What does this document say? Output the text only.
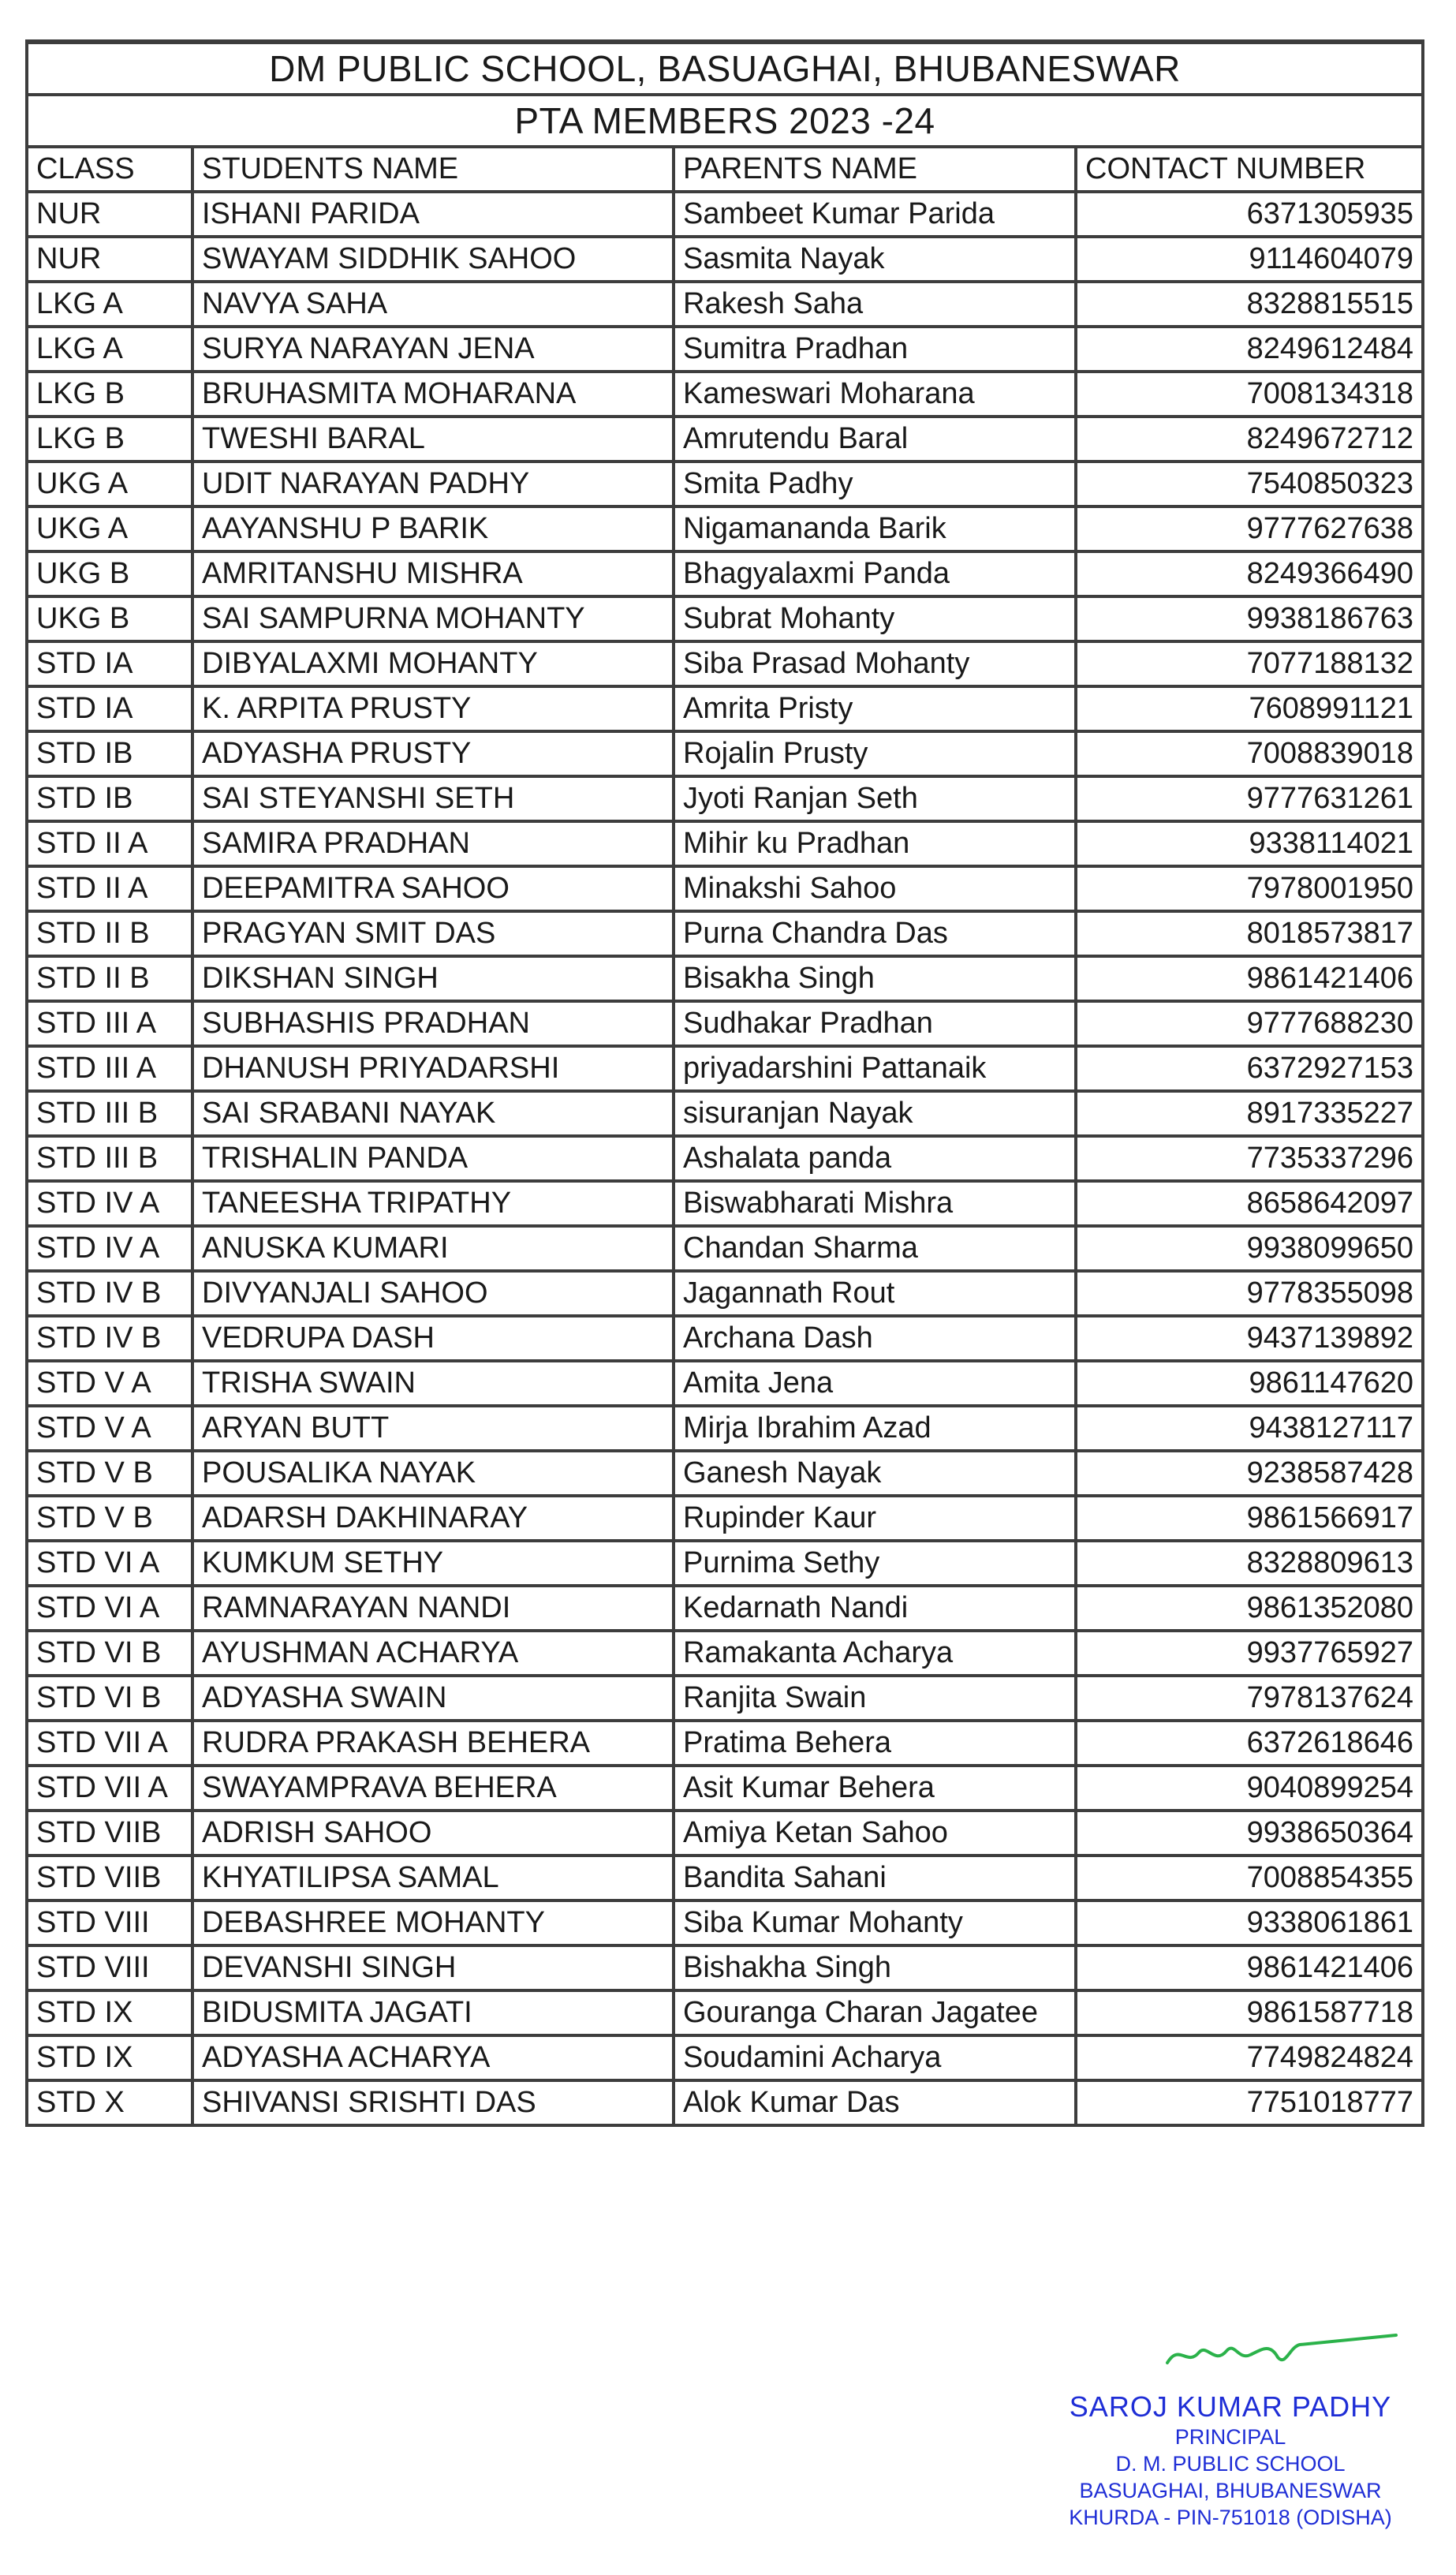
DM PUBLIC SCHOOL, BASUAGHAI, BHUBANESWAR			
PTA MEMBERS 2023 -24			
CLASS	STUDENTS NAME	PARENTS NAME	CONTACT NUMBER
NUR	ISHANI PARIDA	Sambeet Kumar Parida	6371305935
NUR	SWAYAM SIDDHIK SAHOO	Sasmita Nayak	9114604079
LKG A	NAVYA SAHA	Rakesh Saha	8328815515
LKG A	SURYA NARAYAN JENA	Sumitra Pradhan	8249612484
LKG B	BRUHASMITA MOHARANA	Kameswari Moharana	7008134318
LKG B	TWESHI BARAL	Amrutendu Baral	8249672712
UKG A	UDIT NARAYAN PADHY	Smita Padhy	7540850323
UKG A	AAYANSHU P BARIK	Nigamananda Barik	9777627638
UKG B	AMRITANSHU MISHRA	Bhagyalaxmi Panda	8249366490
UKG B	SAI SAMPURNA MOHANTY	Subrat Mohanty	9938186763
STD IA	DIBYALAXMI MOHANTY	Siba Prasad Mohanty	7077188132
STD IA	K. ARPITA PRUSTY	Amrita Pristy	7608991121
STD IB	ADYASHA PRUSTY	Rojalin Prusty	7008839018
STD IB	SAI STEYANSHI SETH	Jyoti Ranjan Seth	9777631261
STD II A	SAMIRA PRADHAN	Mihir ku Pradhan	9338114021
STD II A	DEEPAMITRA SAHOO	Minakshi Sahoo	7978001950
STD II B	PRAGYAN SMIT DAS	Purna Chandra Das	8018573817
STD II B	DIKSHAN SINGH	Bisakha Singh	9861421406
STD III A	SUBHASHIS PRADHAN	Sudhakar Pradhan	9777688230
STD III A	DHANUSH PRIYADARSHI	priyadarshini Pattanaik	6372927153
STD III B	SAI SRABANI NAYAK	sisuranjan Nayak	8917335227
STD III B	TRISHALIN PANDA	Ashalata panda	7735337296
STD IV A	TANEESHA TRIPATHY	Biswabharati Mishra	8658642097
STD IV A	ANUSKA KUMARI	Chandan Sharma	9938099650
STD IV B	DIVYANJALI SAHOO	Jagannath Rout	9778355098
STD IV B	VEDRUPA DASH	Archana Dash	9437139892
STD V A	TRISHA SWAIN	Amita Jena	9861147620
STD V A	ARYAN BUTT	Mirja Ibrahim Azad	9438127117
STD V B	POUSALIKA NAYAK	Ganesh Nayak	9238587428
STD V B	ADARSH DAKHINARAY	Rupinder Kaur	9861566917
STD VI A	KUMKUM SETHY	Purnima Sethy	8328809613
STD VI A	RAMNARAYAN NANDI	Kedarnath Nandi	9861352080
STD VI B	AYUSHMAN ACHARYA	Ramakanta Acharya	9937765927
STD VI B	ADYASHA SWAIN	Ranjita Swain	7978137624
STD VII A	RUDRA PRAKASH BEHERA	Pratima Behera	6372618646
STD VII A	SWAYAMPRAVA BEHERA	Asit Kumar Behera	9040899254
STD VIIB	ADRISH SAHOO	Amiya Ketan Sahoo	9938650364
STD VIIB	KHYATILIPSA SAMAL	Bandita Sahani	7008854355
STD VIII	DEBASHREE MOHANTY	Siba Kumar Mohanty	9338061861
STD VIII	DEVANSHI SINGH	Bishakha Singh	9861421406
STD IX	BIDUSMITA JAGATI	Gouranga Charan Jagatee	9861587718
STD IX	ADYASHA ACHARYA	Soudamini Acharya	7749824824
STD X	SHIVANSI SRISHTI DAS	Alok Kumar Das	7751018777
SAROJ KUMAR PADHY
PRINCIPAL
D. M. PUBLIC SCHOOL
BASUAGHAI, BHUBANESWAR
KHURDA - PIN-751018 (ODISHA)
